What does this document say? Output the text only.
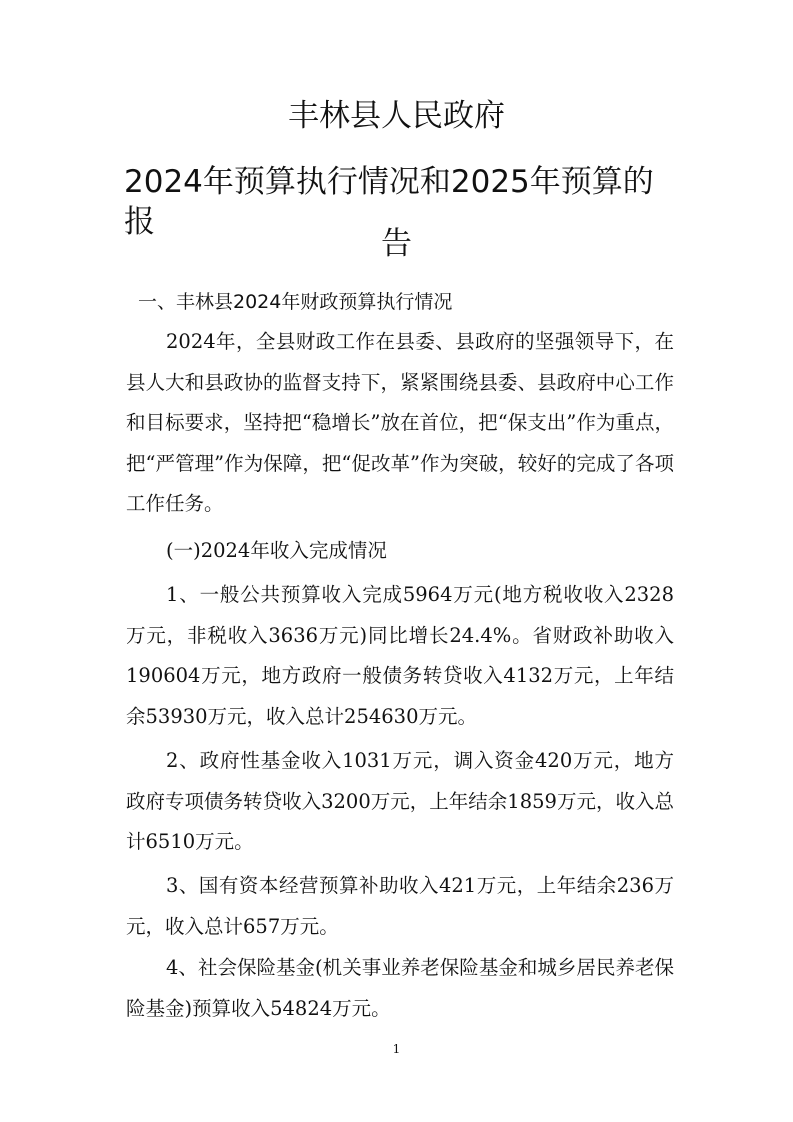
丰林县人民政府
2024年预算执行情况和2025年预算的报
告
一、丰林县2024年财政预算执行情况
2024年，全县财政工作在县委、县政府的坚强领导下，在县人大和县政协的监督支持下，紧紧围绕县委、县政府中心工作和目标要求，坚持把“稳增长”放在首位，把“保支出”作为重点，把“严管理”作为保障，把“促改革”作为突破，较好的完成了各项工作任务。
(一)2024年收入完成情况
1、一般公共预算收入完成5964万元(地方税收收入2328万元，非税收入3636万元)同比增长24.4%。省财政补助收入190604万元，地方政府一般债务转贷收入4132万元，上年结余53930万元，收入总计254630万元。
2、政府性基金收入1031万元，调入资金420万元，地方政府专项债务转贷收入3200万元，上年结余1859万元，收入总计6510万元。
3、国有资本经营预算补助收入421万元，上年结余236万元，收入总计657万元。
4、社会保险基金(机关事业养老保险基金和城乡居民养老保险基金)预算收入54824万元。
1
